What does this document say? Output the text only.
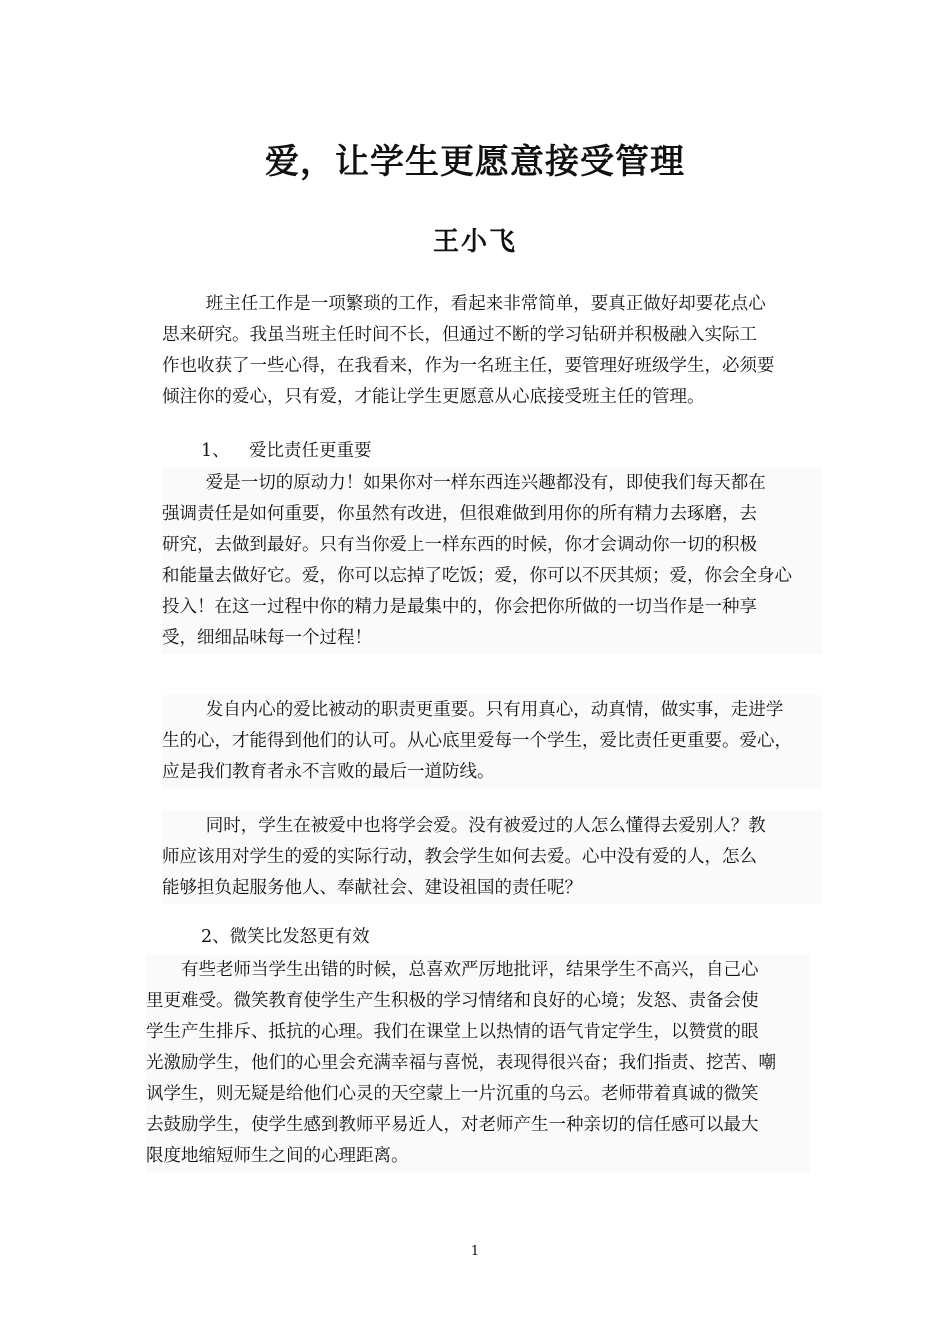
爱，让学生更愿意接受管理
王小飞
班主任工作是一项繁琐的工作，看起来非常简单，要真正做好却要花点心
思来研究。我虽当班主任时间不长，但通过不断的学习钻研并积极融入实际工
作也收获了一些心得，在我看来，作为一名班主任，要管理好班级学生，必须要
倾注你的爱心，只有爱，才能让学生更愿意从心底接受班主任的管理。
1、 爱比责任更重要
爱是一切的原动力！如果你对一样东西连兴趣都没有，即使我们每天都在
强调责任是如何重要，你虽然有改进，但很难做到用你的所有精力去琢磨，去
研究，去做到最好。只有当你爱上一样东西的时候，你才会调动你一切的积极
和能量去做好它。爱，你可以忘掉了吃饭；爱，你可以不厌其烦；爱，你会全身心
投入！在这一过程中你的精力是最集中的，你会把你所做的一切当作是一种享
受，细细品味每一个过程！
发自内心的爱比被动的职责更重要。只有用真心，动真情，做实事，走进学
生的心，才能得到他们的认可。从心底里爱每一个学生，爱比责任更重要。爱心，
应是我们教育者永不言败的最后一道防线。
同时，学生在被爱中也将学会爱。没有被爱过的人怎么懂得去爱别人？教
师应该用对学生的爱的实际行动，教会学生如何去爱。心中没有爱的人，怎么
能够担负起服务他人、奉献社会、建设祖国的责任呢？
2、微笑比发怒更有效
有些老师当学生出错的时候，总喜欢严厉地批评，结果学生不高兴，自己心
里更难受。微笑教育使学生产生积极的学习情绪和良好的心境；发怒、责备会使
学生产生排斥、抵抗的心理。我们在课堂上以热情的语气肯定学生，以赞赏的眼
光激励学生，他们的心里会充满幸福与喜悦，表现得很兴奋；我们指责、挖苦、嘲
讽学生，则无疑是给他们心灵的天空蒙上一片沉重的乌云。老师带着真诚的微笑
去鼓励学生，使学生感到教师平易近人，对老师产生一种亲切的信任感可以最大
限度地缩短师生之间的心理距离。
1
